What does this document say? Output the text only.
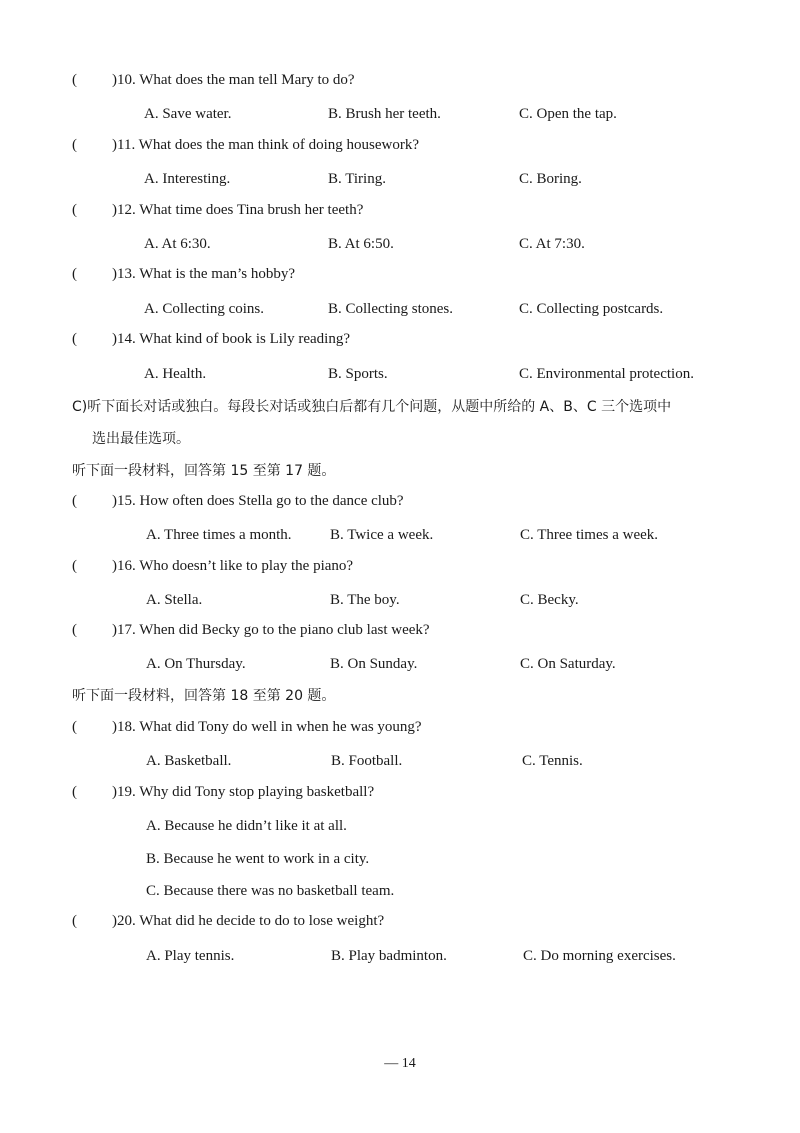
( )10. What does the man tell Mary to do?
A. Save water.	B. Brush her teeth.	C. Open the tap.
( )11. What does the man think of doing housework?
A. Interesting.	B. Tiring.	C. Boring.
( )12. What time does Tina brush her teeth?
A. At 6:30.	B. At 6:50.	C. At 7:30.
( )13. What is the man’s hobby?
A. Collecting coins.	B. Collecting stones.	C. Collecting postcards.
( )14. What kind of book is Lily reading?
A. Health.	B. Sports.	C. Environmental protection.
C)听下面长对话或独白。每段长对话或独白后都有几个问题，从题中所给的 A、B、C 三个选项中
选出最佳选项。
听下面一段材料，回答第 15 至第 17 题。
( )15. How often does Stella go to the dance club?
A. Three times a month.	B. Twice a week.	C. Three times a week.
( )16. Who doesn’t like to play the piano?
A. Stella.	B. The boy.	C. Becky.
( )17. When did Becky go to the piano club last week?
A. On Thursday.	B. On Sunday.	C. On Saturday.
听下面一段材料，回答第 18 至第 20 题。
( )18. What did Tony do well in when he was young?
A. Basketball.	B. Football.	C. Tennis.
( )19. Why did Tony stop playing basketball?
A. Because he didn’t like it at all.
B. Because he went to work in a city.
C. Because there was no basketball team.
( )20. What did he decide to do to lose weight?
A. Play tennis.	B. Play badminton.	C. Do morning exercises.
— 14
